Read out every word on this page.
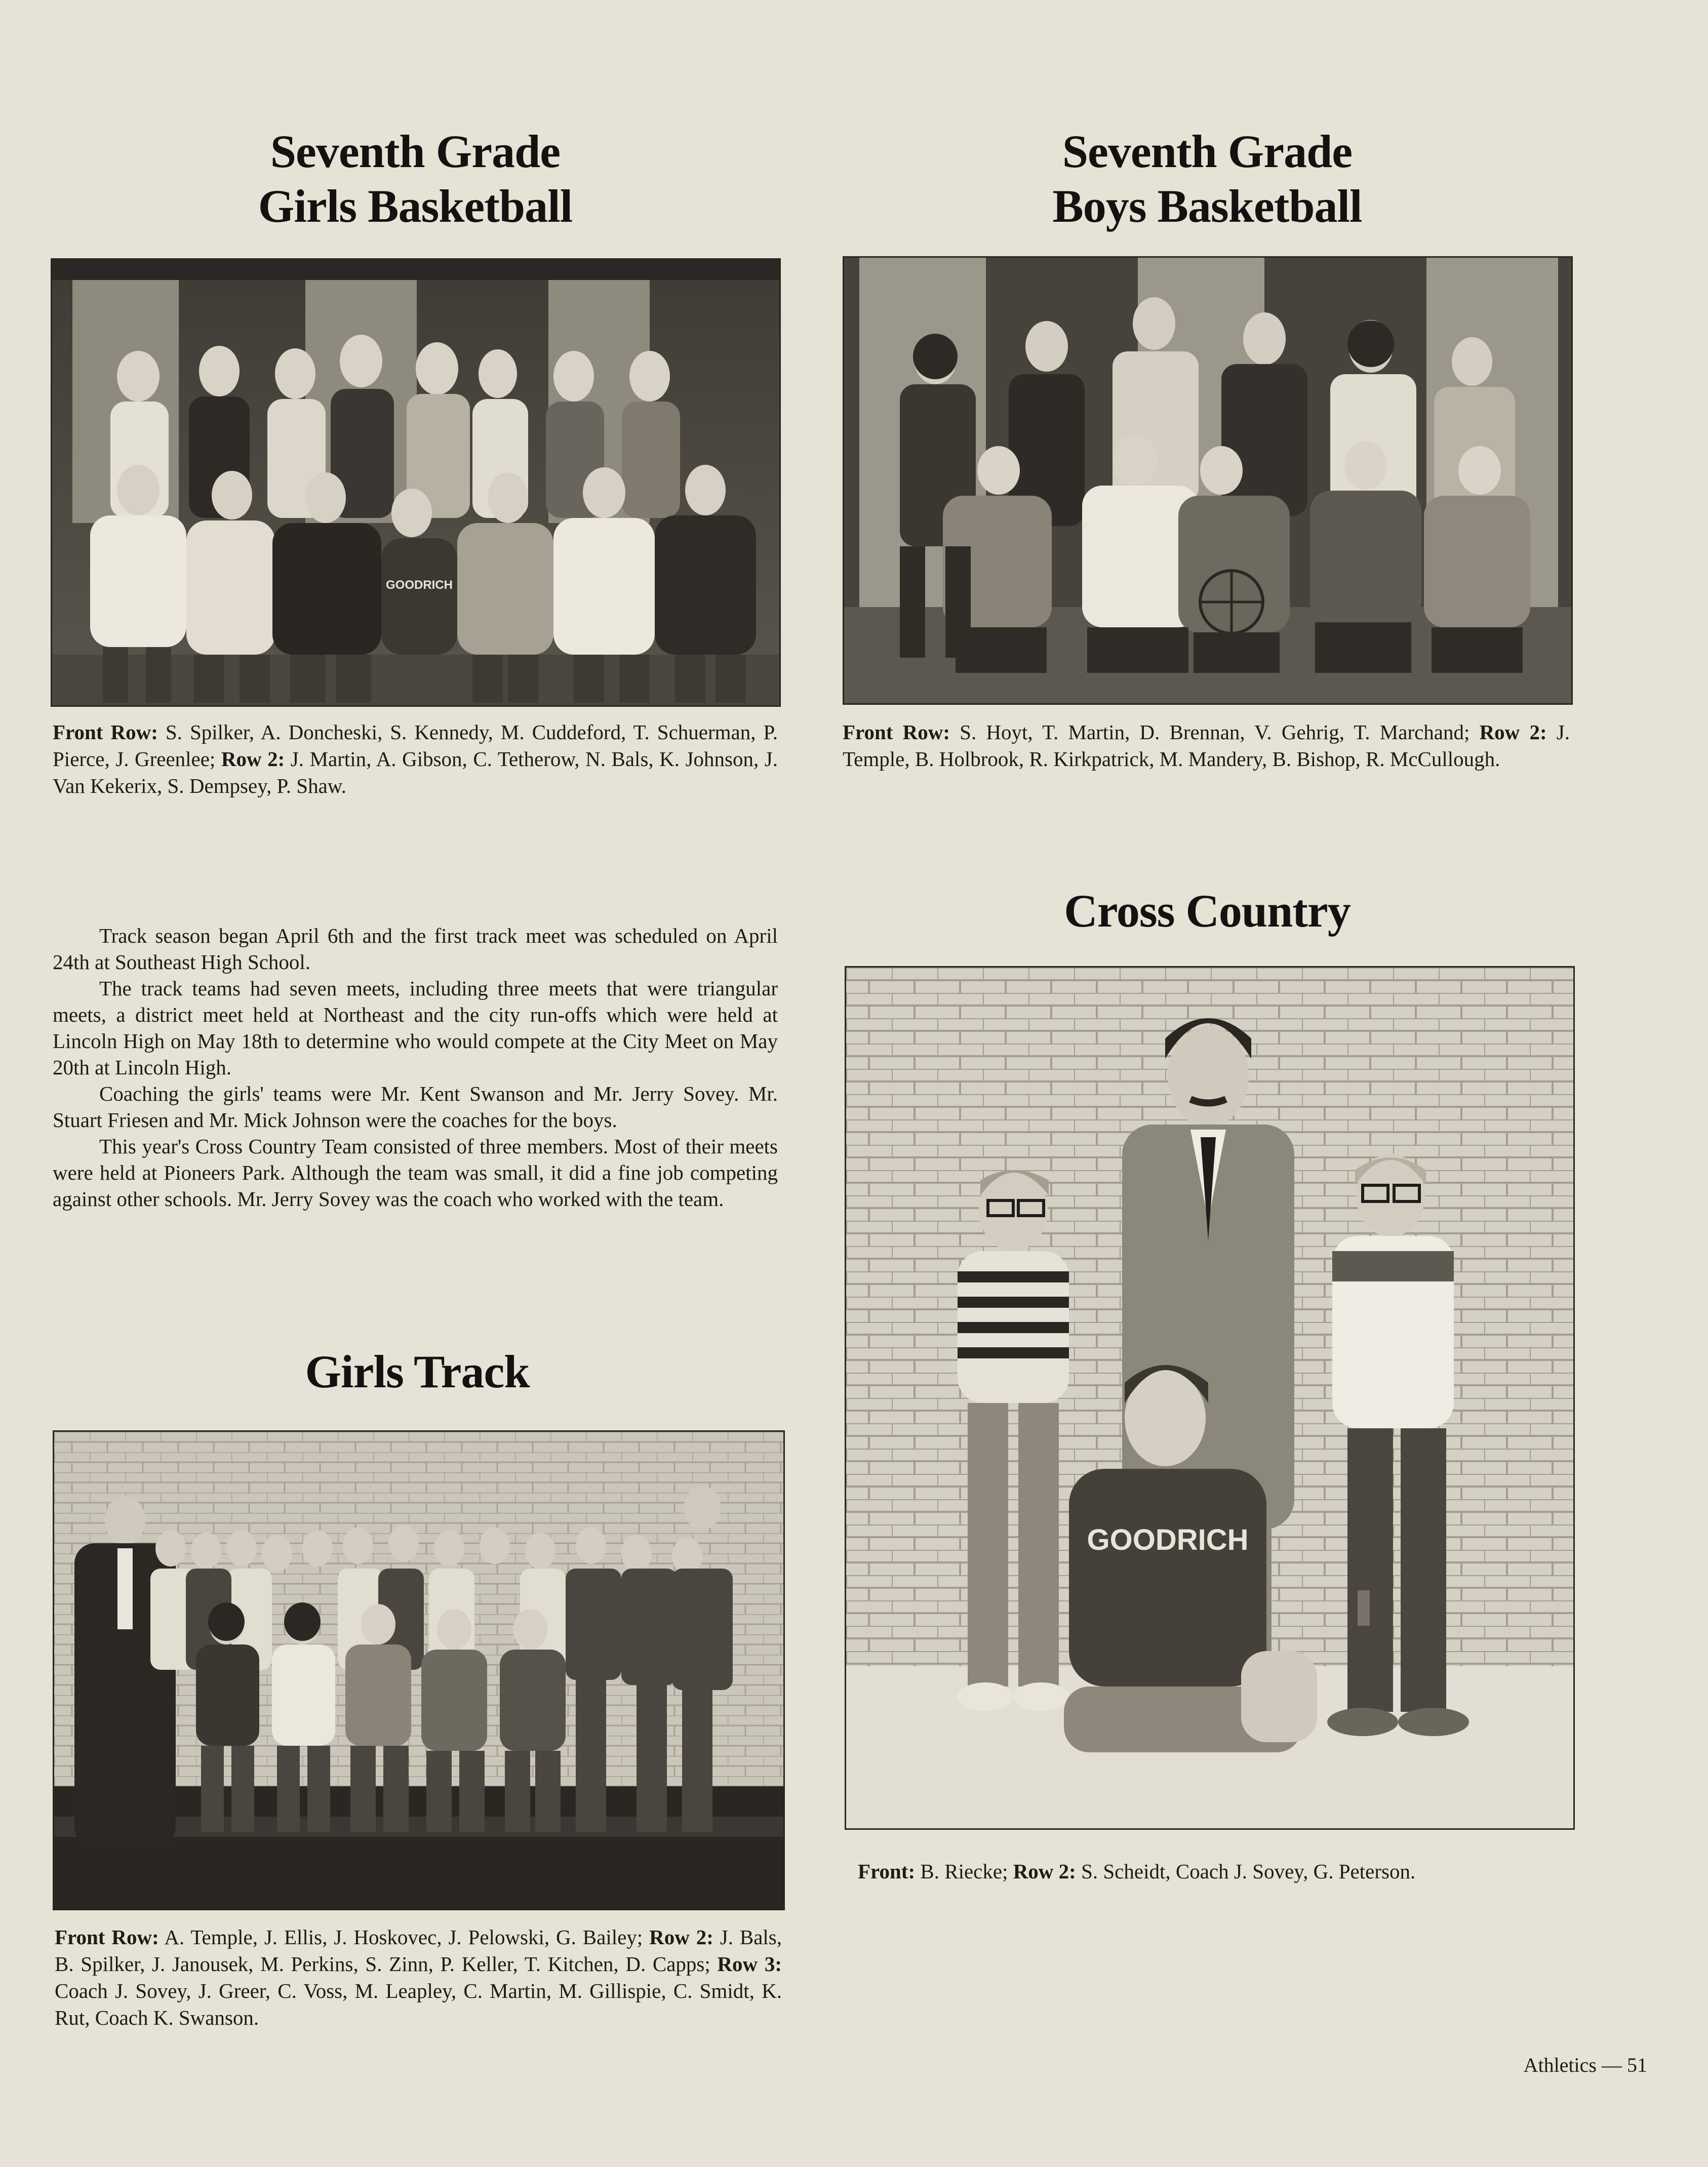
Seventh Grade
Girls Basketball
GOODRICH

Front Row: S. Spilker, A. Doncheski, S. Kennedy, M. Cuddeford, T. Schuerman, P. Pierce, J. Greenlee; Row 2: J. Martin, A. Gibson, C. Tetherow, N. Bals, K. Johnson, J. Van Kekerix, S. Dempsey, P. Shaw.

Seventh Grade
Boys Basketball

Front Row: S. Hoyt, T. Martin, D. Brennan, V. Gehrig, T. Marchand; Row 2: J. Temple, B. Holbrook, R. Kirkpatrick, M. Mandery, B. Bishop, R. McCullough.

Track season began April 6th and the first track meet was scheduled on April 24th at Southeast High School.

The track teams had seven meets, including three meets that were triangular meets, a district meet held at Northeast and the city run-offs which were held at Lincoln High on May 18th to determine who would compete at the City Meet on May 20th at Lincoln High.

Coaching the girls' teams were Mr. Kent Swanson and Mr. Jerry Sovey. Mr. Stuart Friesen and Mr. Mick Johnson were the coaches for the boys.

This year's Cross Country Team consisted of three members. Most of their meets were held at Pioneers Park. Although the team was small, it did a fine job competing against other schools. Mr. Jerry Sovey was the coach who worked with the team.

Cross Country
GOODRICH

Front: B. Riecke; Row 2: S. Scheidt, Coach J. Sovey, G. Peterson.

Girls Track

Front Row: A. Temple, J. Ellis, J. Hoskovec, J. Pelowski, G. Bailey; Row 2: J. Bals, B. Spilker, J. Janousek, M. Perkins, S. Zinn, P. Keller, T. Kitchen, D. Capps; Row 3: Coach J. Sovey, J. Greer, C. Voss, M. Leapley, C. Martin, M. Gillispie, C. Smidt, K. Rut, Coach K. Swanson.

Athletics — 51
